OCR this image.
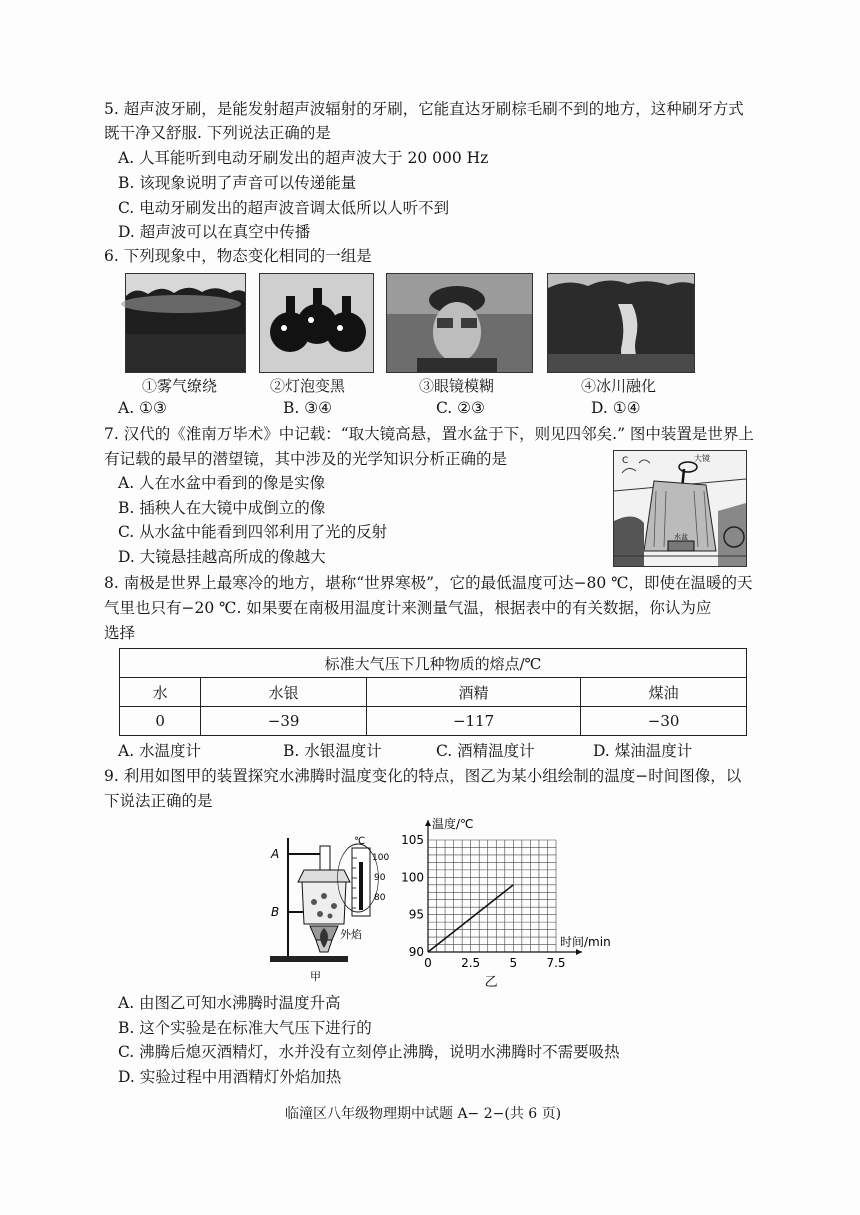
5. 超声波牙刷，是能发射超声波辐射的牙刷，它能直达牙刷棕毛刷不到的地方，这种刷牙方式
既干净又舒服. 下列说法正确的是
A. 人耳能听到电动牙刷发出的超声波大于 20 000 Hz
B. 该现象说明了声音可以传递能量
C. 电动牙刷发出的超声波音调太低所以人听不到
D. 超声波可以在真空中传播
6. 下列现象中，物态变化相同的一组是
①雾气缭绕	②灯泡变黑	③眼镜模糊	④冰川融化
A. ①③	B. ③④	C. ②③	D. ①④
7. 汉代的《淮南万毕术》中记载：“取大镜高悬，置水盆于下，则见四邻矣.” 图中装置是世界上
有记载的最早的潜望镜，其中涉及的光学知识分析正确的是
A. 人在水盆中看到的像是实像
B. 插秧人在大镜中成倒立的像
C. 从水盆中能看到四邻利用了光的反射
D. 大镜悬挂越高所成的像越大
大镜
水盆
C
8. 南极是世界上最寒冷的地方，堪称“世界寒极”，它的最低温度可达−80 ℃，即使在温暖的天
气里也只有−20 ℃. 如果要在南极用温度计来测量气温，根据表中的有关数据，你认为应
选择
标准大气压下几种物质的熔点/℃			
水	水银	酒精	煤油
0	−39	−117	−30
A. 水温度计	B. 水银温度计	C. 酒精温度计	D. 煤油温度计
9. 利用如图甲的装置探究水沸腾时温度变化的特点，图乙为某小组绘制的温度−时间图像，以
下说法正确的是
A
B
℃
100
90
80
外焰
甲
90
95
100
105
0 2.5 5 7.5
温度/℃
时间/min
乙
A. 由图乙可知水沸腾时温度升高
B. 这个实验是在标准大气压下进行的
C. 沸腾后熄灭酒精灯，水并没有立刻停止沸腾，说明水沸腾时不需要吸热
D. 实验过程中用酒精灯外焰加热
临潼区八年级物理期中试题 A− 2−(共 6 页)
